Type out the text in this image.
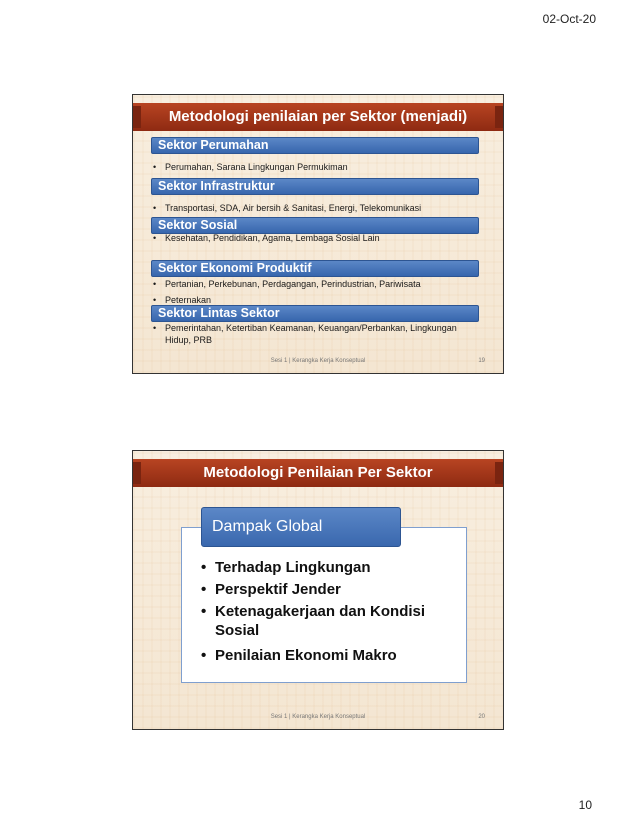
02-Oct-20
Metodologi penilaian per Sektor (menjadi)
Sektor Perumahan
• Perumahan, Sarana Lingkungan Permukiman
Sektor Infrastruktur
• Transportasi, SDA, Air bersih & Sanitasi, Energi, Telekomunikasi
Sektor Sosial
• Kesehatan, Pendidikan, Agama, Lembaga Sosial Lain
Sektor Ekonomi Produktif
• Pertanian, Perkebunan, Perdagangan, Perindustrian, Pariwisata
• Peternakan
Sektor Lintas Sektor
• Pemerintahan, Ketertiban Keamanan, Keuangan/Perbankan, Lingkungan
Hidup, PRB
Sesi 1 | Kerangka Kerja Konseptual	19
Metodologi Penilaian Per Sektor
Dampak Global
• Terhadap Lingkungan
• Perspektif Jender
• Ketenagakerjaan dan Kondisi
Sosial
• Penilaian Ekonomi Makro
Sesi 1 | Kerangka Kerja Konseptual	20
10
